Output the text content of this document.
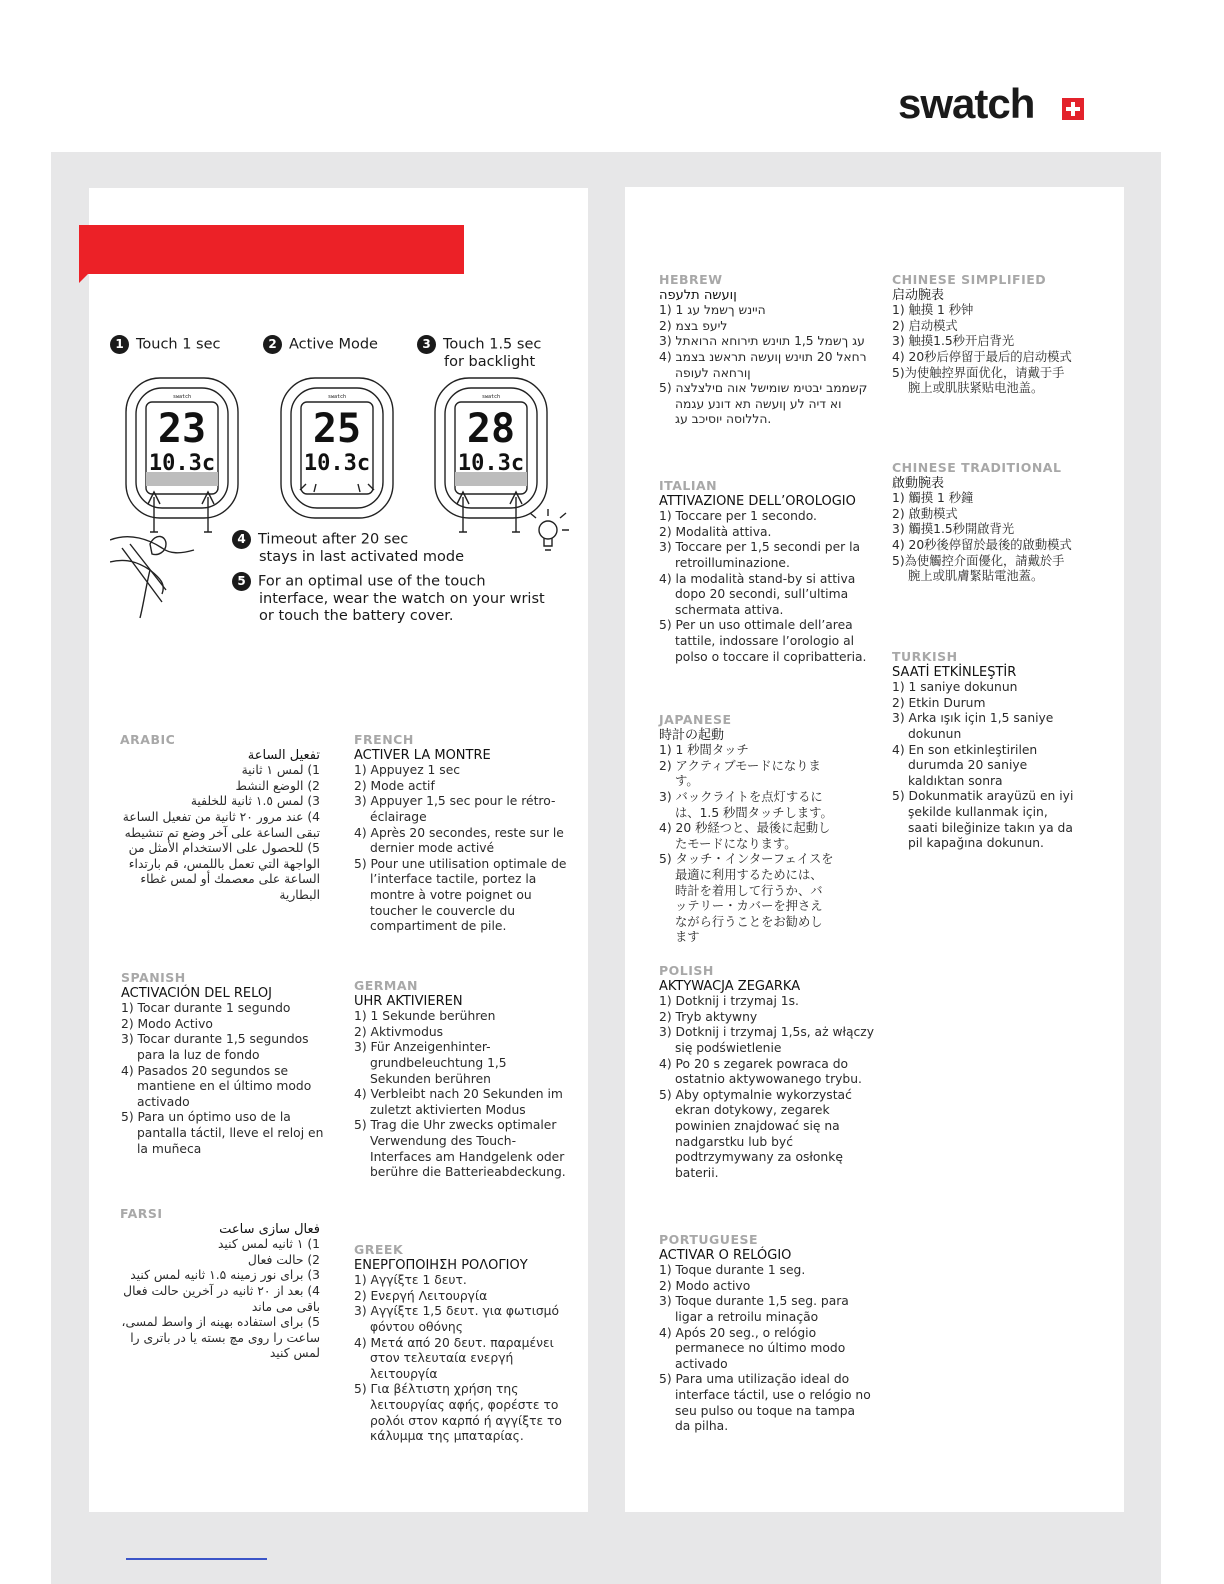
swatch
1 Touch 1 sec	2 Active Mode	3 Touch 1.5 sec
for backlight
4 Timeout after 20 sec
stays in last activated mode
5 For an optimal use of the touch
interface, wear the watch on your wrist
or touch the battery cover.
swatch
23
10.3c
swatch
25
10.3c
swatch
28
10.3c
ARABIC
تفعيل الساعة
1) لمس ١ ثانية
2) الوضع النشط
3) لمس ١.٥ ثانية للخلفية
4) عند مرور ٢٠ ثانية من تفعيل الساعة تبقى الساعة على آخر وضع تم تنشيطه
5) للحصول على الاستخدام الأمثل من الواجهة التي تعمل باللمس، قم بارتداء الساعة على معصمك أو لمس غطاء البطارية
FRENCH
ACTIVER LA MONTRE
1) Appuyez 1 sec
2) Mode actif
3) Appuyer 1,5 sec pour le rétro-éclairage
4) Après 20 secondes, reste sur le dernier mode activé
5) Pour une utilisation optimale de l’interface tactile, portez la montre à votre poignet ou toucher le couvercle du compartiment de pile.
SPANISH
ACTIVACIÓN DEL RELOJ
1) Tocar durante 1 segundo
2) Modo Activo
3) Tocar durante 1,5 segundos para la luz de fondo
4) Pasados 20 segundos se mantiene en el último modo activado
5) Para un óptimo uso de la pantalla táctil, lleve el reloj en la muñeca
GERMAN
UHR AKTIVIEREN
1) 1 Sekunde berühren
2) Aktivmodus
3) Für Anzeigenhinter-grundbeleuchtung 1,5 Sekunden berühren
4) Verbleibt nach 20 Sekunden im zuletzt aktivierten Modus
5) Trag die Uhr zwecks optimaler Verwendung des Touch-Interfaces am Handgelenk oder berühre die Batterieabdeckung.
FARSI
فعال سازی ساعت
1) ۱ ثانیه لمس کنید
2) حالت فعال
3) برای نور زمینه ۱.۵ ثانیه لمس کنید
4) بعد از ۲۰ ثانیه در آخرین حالت فعال باقی می ماند
5) برای استفاده بهینه از واسط لمسی، ساعت را روی مچ بسته یا در باتری را لمس کنید
GREEK
ΕΝΕΡΓΟΠΟΙΗΣΗ ΡΟΛΟΓΙΟΥ
1) Αγγίξτε 1 δευτ.
2) Ενεργή Λειτουργία
3) Αγγίξτε 1,5 δευτ. για φωτισμό φόντου οθόνης
4) Μετά από 20 δευτ. παραμένει στον τελευταία ενεργή λειτουργία
5) Για βέλτιστη χρήση της λειτουργίας αφής, φορέστε το ρολόι στον καρπό ή αγγίξτε το κάλυμμα της μπαταρίας.
HEBREW
ןועשה תלעפה
1) היינש ךשמל עג 1
2) ליעפ בצמ
3) עג ךשמל 1,5 תוינש תירוחא הרואתל
4) רחאל 20 תוינש ןועשה תראשנ בצמב ןורחאה לעופה
5) קשממב יבטימ שומישל אוה םילצלצה וא דיה לע ןועשה תא דונע עגמה הללוסה יוסיכב עג.
ITALIAN
ATTIVAZIONE DELL’OROLOGIO
1) Toccare per 1 secondo.
2) Modalità attiva.
3) Toccare per 1,5 secondi per la retroilluminazione.
4) la modalità stand-by si attiva dopo 20 secondi, sull’ultima schermata attiva.
5) Per un uso ottimale dell’area tattile, indossare l’orologio al polso o toccare il copribatteria.
JAPANESE
時計の起動
1) 1 秒間タッチ
2) アクティブモードになります。
3) バックライトを点灯するには、1.5 秒間タッチします。
4) 20 秒経つと、最後に起動したモードになります。
5) タッチ・インターフェイスを最適に利用するためには、時計を着用して行うか、バッテリー・カバーを押さえながら行うことをお勧めします
POLISH
AKTYWACJA ZEGARKA
1) Dotknij i trzymaj 1s.
2) Tryb aktywny
3) Dotknij i trzymaj 1,5s, aż włączy się podświetlenie
4) Po 20 s zegarek powraca do ostatnio aktywowanego trybu.
5) Aby optymalnie wykorzystać ekran dotykowy, zegarek powinien znajdować się na nadgarstku lub być podtrzymywany za osłonkę baterii.
PORTUGUESE
ACTIVAR O RELÓGIO
1) Toque durante 1 seg.
2) Modo activo
3) Toque durante 1,5 seg. para ligar a retroilu minação
4) Após 20 seg., o relógio permanece no último modo activado
5) Para uma utilização ideal do interface táctil, use o relógio no seu pulso ou toque na tampa da pilha.
CHINESE SIMPLIFIED
启动腕表
1) 触摸 1 秒钟
2) 启动模式
3) 触摸1.5秒开启背光
4) 20秒后停留于最后的启动模式
5)为使触控界面优化，请戴于手腕上或肌肤紧贴电池盖。
CHINESE TRADITIONAL
啟動腕表
1) 觸摸 1 秒鐘
2) 啟動模式
3) 觸摸1.5秒開啟背光
4) 20秒後停留於最後的啟動模式
5)為使觸控介面優化，請戴於手腕上或肌膚緊貼電池蓋。
TURKISH
SAATİ ETKİNLEŞTİR
1) 1 saniye dokunun
2) Etkin Durum
3) Arka ışık için 1,5 saniye dokunun
4) En son etkinleştirilen durumda 20 saniye kaldıktan sonra
5) Dokunmatik arayüzü en iyi şekilde kullanmak için, saati bileğinize takın ya da pil kapağına dokunun.
